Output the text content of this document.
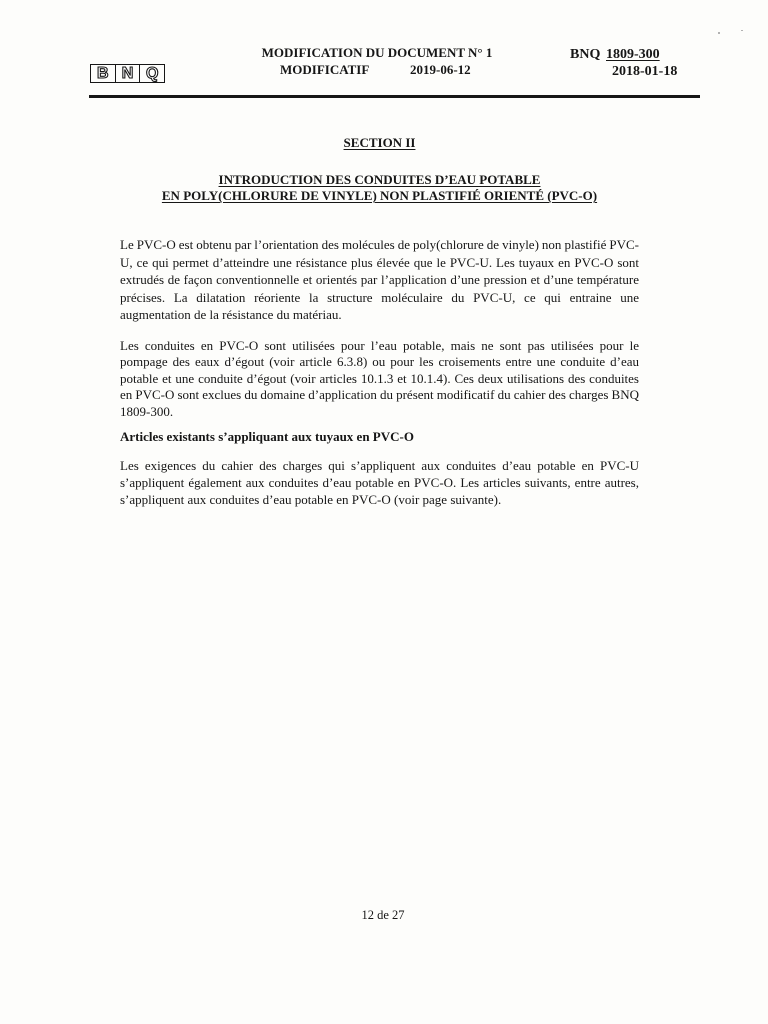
B N Q
MODIFICATION DU DOCUMENT N° 1
MODIFICATIF	2019-06-12
BNQ 1809-300
2018-01-18
SECTION II
INTRODUCTION DES CONDUITES D’EAU POTABLE
EN POLY(CHLORURE DE VINYLE) NON PLASTIFIÉ ORIENTÉ (PVC-O)
Le PVC-O est obtenu par l’orientation des molécules de poly(chlorure de vinyle) non plastifié PVC-
U, ce qui permet d’atteindre une résistance plus élevée que le PVC-U. Les tuyaux en PVC-O sont
extrudés de façon conventionnelle et orientés par l’application d’une pression et d’une température
précises. La dilatation réoriente la structure moléculaire du PVC-U, ce qui entraine une
augmentation de la résistance du matériau.
Les conduites en PVC-O sont utilisées pour l’eau potable, mais ne sont pas utilisées pour le
pompage des eaux d’égout (voir article 6.3.8) ou pour les croisements entre une conduite d’eau
potable et une conduite d’égout (voir articles 10.1.3 et 10.1.4). Ces deux utilisations des conduites
en PVC-O sont exclues du domaine d’application du présent modificatif du cahier des charges BNQ
1809-300.
Articles existants s’appliquant aux tuyaux en PVC-O
Les exigences du cahier des charges qui s’appliquent aux conduites d’eau potable en PVC-U
s’appliquent également aux conduites d’eau potable en PVC-O. Les articles suivants, entre autres,
s’appliquent aux conduites d’eau potable en PVC-O (voir page suivante).
12 de 27
